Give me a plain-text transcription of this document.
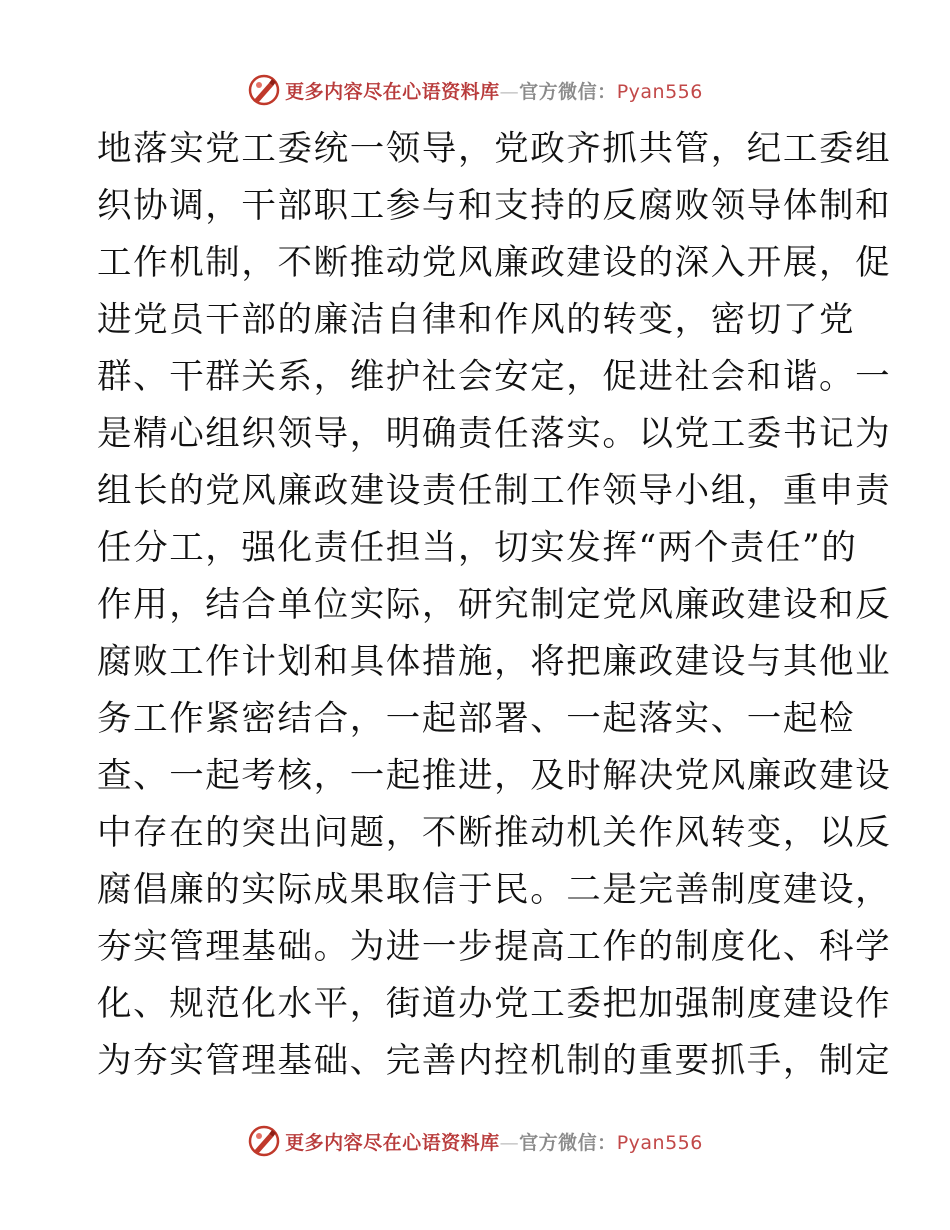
更多内容尽在心语资料库—官方微信：Pyan556
地落实党工委统一领导，党政齐抓共管，纪工委组
织协调，干部职工参与和支持的反腐败领导体制和
工作机制，不断推动党风廉政建设的深入开展，促
进党员干部的廉洁自律和作风的转变，密切了党
群、干群关系，维护社会安定，促进社会和谐。一
是精心组织领导，明确责任落实。以党工委书记为
组长的党风廉政建设责任制工作领导小组，重申责
任分工，强化责任担当，切实发挥“两个责任”的
作用，结合单位实际，研究制定党风廉政建设和反
腐败工作计划和具体措施，将把廉政建设与其他业
务工作紧密结合，一起部署、一起落实、一起检
查、一起考核，一起推进，及时解决党风廉政建设
中存在的突出问题，不断推动机关作风转变，以反
腐倡廉的实际成果取信于民。二是完善制度建设，
夯实管理基础。为进一步提高工作的制度化、科学
化、规范化水平，街道办党工委把加强制度建设作
为夯实管理基础、完善内控机制的重要抓手，制定
更多内容尽在心语资料库—官方微信：Pyan556
